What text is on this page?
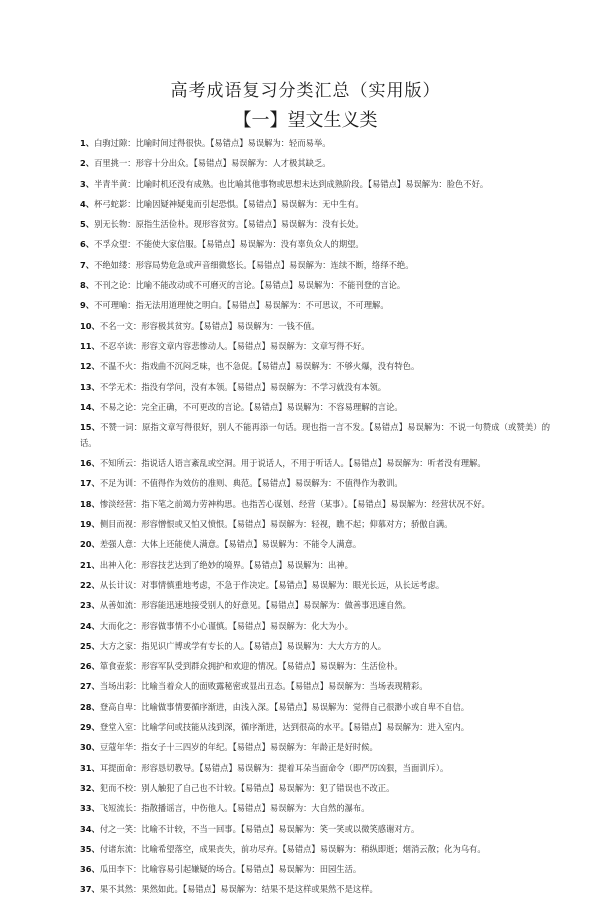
高考成语复习分类汇总（实用版）
【一】望文生义类

1、白驹过隙：比喻时间过得很快。【易错点】易误解为：轻而易举。

2、百里挑一：形容十分出众。【易错点】易误解为：人才极其缺乏。

3、半青半黄：比喻时机还没有成熟。也比喻其他事物或思想未达到成熟阶段。【易错点】易误解为：脸色不好。

4、杯弓蛇影：比喻因疑神疑鬼而引起恐惧。【易错点】易误解为：无中生有。

5、别无长物：原指生活俭朴。现形容贫穷。【易错点】易误解为：没有长处。

6、不孚众望：不能使大家信服。【易错点】易误解为：没有辜负众人的期望。

7、不绝如缕：形容局势危急或声音细微悠长。【易错点】易误解为：连续不断，络绎不绝。

8、不刊之论：比喻不能改动或不可磨灭的言论。【易错点】易误解为：不能刊登的言论。

9、不可理喻：指无法用道理使之明白。【易错点】易误解为：不可思议，不可理解。

10、不名一文：形容极其贫穷。【易错点】易误解为：一钱不值。

11、不忍卒读：形容文章内容悲惨动人。【易错点】易误解为：文章写得不好。

12、不温不火：指戏曲不沉闷乏味，也不急促。【易错点】易误解为：不够火爆，没有特色。

13、不学无术：指没有学问，没有本领。【易错点】易误解为：不学习就没有本领。

14、不易之论：完全正确，不可更改的言论。【易错点】易误解为：不容易理解的言论。

15、不赞一词：原指文章写得很好，别人不能再添一句话。现也指一言不发。【易错点】易误解为：不说一句赞成（或赞美）的话。

16、不知所云：指说话人语言紊乱或空洞。用于说话人，不用于听话人。【易错点】易误解为：听者没有理解。

17、不足为训：不值得作为效仿的准则、典范。【易错点】易误解为：不值得作为教训。

18、惨淡经营：指下笔之前竭力劳神构思。也指苦心谋划、经营（某事）。【易错点】易误解为：经营状况不好。

19、侧目而视：形容憎恨或又怕又愤恨。【易错点】易误解为：轻视，瞧不起；仰慕对方；骄傲自满。

20、差强人意：大体上还能使人满意。【易错点】易误解为：不能令人满意。

21、出神入化：形容技艺达到了绝妙的境界。【易错点】易误解为：出神。

22、从长计议：对事情慎重地考虑，不急于作决定。【易错点】易误解为：眼光长远，从长远考虑。

23、从善如流：形容能迅速地接受别人的好意见。【易错点】易误解为：做善事迅速自然。

24、大而化之：形容做事情不小心谨慎。【易错点】易误解为：化大为小。

25、大方之家：指见识广博或学有专长的人。【易错点】易误解为：大大方方的人。

26、箪食壶浆：形容军队受到群众拥护和欢迎的情况。【易错点】易误解为：生活俭朴。

27、当场出彩：比喻当着众人的面败露秘密或显出丑态。【易错点】易误解为：当场表现精彩。

28、登高自卑：比喻做事情要循序渐进，由浅入深。【易错点】易误解为：觉得自己很渺小或自卑不自信。

29、登堂入室：比喻学问或技能从浅到深，循序渐进，达到很高的水平。【易错点】易误解为：进入室内。

30、豆蔻年华：指女子十三四岁的年纪。【易错点】易误解为：年龄正是好时候。

31、耳提面命：形容恳切教导。【易错点】易误解为：提着耳朵当面命令（即严厉凶狠，当面训斥）。

32、犯而不校：别人触犯了自己也不计较。【易错点】易误解为：犯了错误也不改正。

33、飞短流长：指散播谣言，中伤他人。【易错点】易误解为：大自然的瀑布。

34、付之一笑：比喻不计较，不当一回事。【易错点】易误解为：笑一笑或以微笑感谢对方。

35、付诸东流：比喻希望落空，成果丧失，前功尽弃。【易错点】易误解为：稍纵即逝；烟消云散；化为乌有。

36、瓜田李下：比喻容易引起嫌疑的场合。【易错点】易误解为：田园生活。

37、果不其然：果然如此。【易错点】易误解为：结果不是这样或果然不是这样。
